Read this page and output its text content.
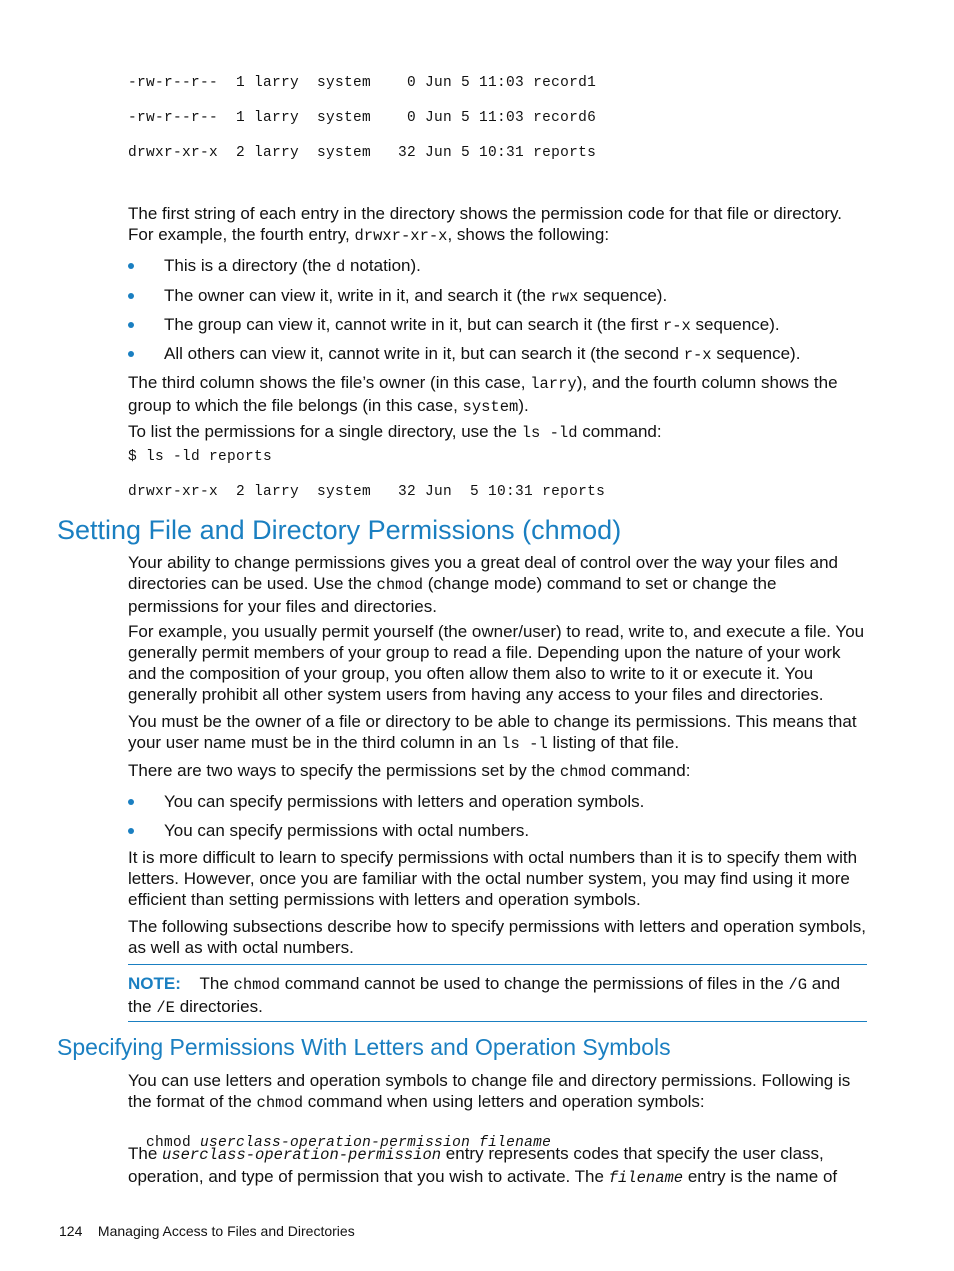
-rw-r--r--  1 larry  system    0 Jun 5 11:03 record1
-rw-r--r--  1 larry  system    0 Jun 5 11:03 record6
drwxr-xr-x  2 larry  system   32 Jun 5 10:31 reports

The first string of each entry in the directory shows the permission code for that file or directory. For example, the fourth entry, drwxr-xr-x, shows the following:

This is a directory (the d notation).
The owner can view it, write in it, and search it (the rwx sequence).
The group can view it, cannot write in it, but can search it (the first r-x sequence).
All others can view it, cannot write in it, but can search it (the second r-x sequence).

The third column shows the file’s owner (in this case, larry), and the fourth column shows the group to which the file belongs (in this case, system).

To list the permissions for a single directory, use the ls -ld command:

$ ls -ld reports
drwxr-xr-x  2 larry  system   32 Jun  5 10:31 reports
Setting File and Directory Permissions (chmod)

Your ability to change permissions gives you a great deal of control over the way your files and directories can be used. Use the chmod (change mode) command to set or change the permissions for your files and directories.

For example, you usually permit yourself (the owner/user) to read, write to, and execute a file. You generally permit members of your group to read a file. Depending upon the nature of your work and the composition of your group, you often allow them also to write to it or execute it. You generally prohibit all other system users from having any access to your files and directories.

You must be the owner of a file or directory to be able to change its permissions. This means that your user name must be in the third column in an ls -l listing of that file.

There are two ways to specify the permissions set by the chmod command:

You can specify permissions with letters and operation symbols.
You can specify permissions with octal numbers.

It is more difficult to learn to specify permissions with octal numbers than it is to specify them with letters. However, once you are familiar with the octal number system, you may find using it more efficient than setting permissions with letters and operation symbols.

The following subsections describe how to specify permissions with letters and operation symbols, as well as with octal numbers.

NOTE: The chmod command cannot be used to change the permissions of files in the /G and the /E directories.

Specifying Permissions With Letters and Operation Symbols

You can use letters and operation symbols to change file and directory permissions. Following is the format of the chmod command when using letters and operation symbols:

chmod userclass-operation-permission filename

The userclass-operation-permission entry represents codes that specify the user class, operation, and type of permission that you wish to activate. The filename entry is the name of

124 Managing Access to Files and Directories
